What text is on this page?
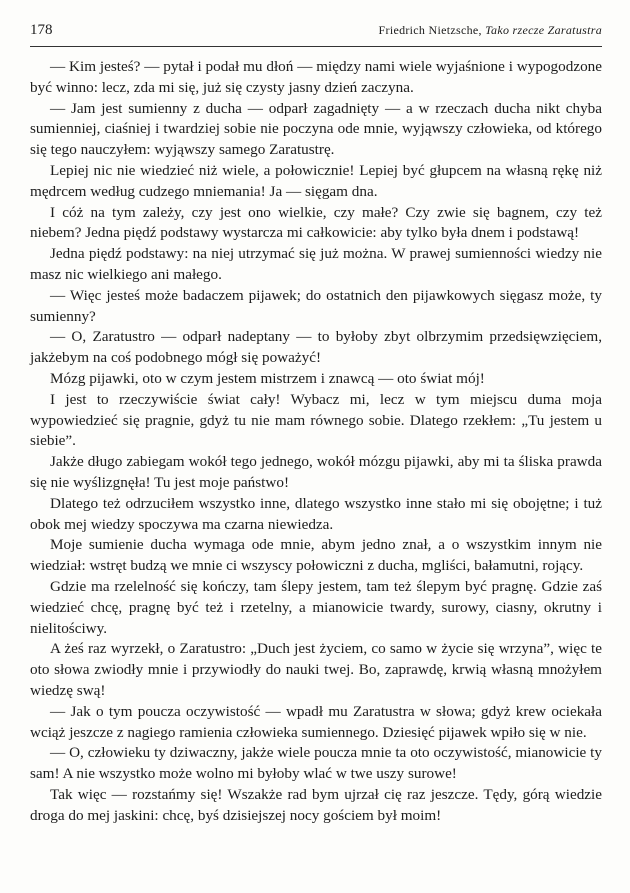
178	Friedrich Nietzsche, Tako rzecze Zaratustra

— Kim jesteś? — pytał i podał mu dłoń — między nami wiele wyjaśnione i wypogodzone być winno: lecz, zda mi się, już się czysty jasny dzień zaczyna.

— Jam jest sumienny z ducha — odparł zagadnięty — a w rzeczach ducha nikt chyba sumienniej, ciaśniej i twardziej sobie nie poczyna ode mnie, wyjąwszy człowieka, od którego się tego nauczyłem: wyjąwszy samego Zaratustrę.

Lepiej nic nie wiedzieć niż wiele, a połowicznie! Lepiej być głupcem na własną rękę niż mędrcem według cudzego mniemania! Ja — sięgam dna.

I cóż na tym zależy, czy jest ono wielkie, czy małe? Czy zwie się bagnem, czy też niebem? Jedna piędź podstawy wystarcza mi całkowicie: aby tylko była dnem i podstawą!

Jedna piędź podstawy: na niej utrzymać się już można. W prawej sumienności wiedzy nie masz nic wielkiego ani małego.

— Więc jesteś może badaczem pijawek; do ostatnich den pijawkowych sięgasz może, ty sumienny?

— O, Zaratustro — odparł nadeptany — to byłoby zbyt olbrzymim przedsięwzięciem, jakżebym na coś podobnego mógł się poważyć!

Mózg pijawki, oto w czym jestem mistrzem i znawcą — oto świat mój!

I jest to rzeczywiście świat cały! Wybacz mi, lecz w tym miejscu duma moja wypowiedzieć się pragnie, gdyż tu nie mam równego sobie. Dlatego rzekłem: „Tu jestem u siebie”.

Jakże długo zabiegam wokół tego jednego, wokół mózgu pijawki, aby mi ta śliska prawda się nie wyślizgnęła! Tu jest moje państwo!

Dlatego też odrzuciłem wszystko inne, dlatego wszystko inne stało mi się obojętne; i tuż obok mej wiedzy spoczywa ma czarna niewiedza.

Moje sumienie ducha wymaga ode mnie, abym jedno znał, a o wszystkim innym nie wiedział: wstręt budzą we mnie ci wszyscy połowiczni z ducha, mgliści, bałamutni, rojący.

Gdzie ma rzelelność się kończy, tam ślepy jestem, tam też ślepym być pragnę. Gdzie zaś wiedzieć chcę, pragnę być też i rzetelny, a mianowicie twardy, surowy, ciasny, okrutny i nielitościwy.

A żeś raz wyrzekł, o Zaratustro: „Duch jest życiem, co samo w życie się wrzyna”, więc te oto słowa zwiodły mnie i przywiodły do nauki twej. Bo, zaprawdę, krwią własną mnożyłem wiedzę swą!

— Jak o tym poucza oczywistość — wpadł mu Zaratustra w słowa; gdyż krew ociekała wciąż jeszcze z nagiego ramienia człowieka sumiennego. Dziesięć pijawek wpiło się w nie.

— O, człowieku ty dziwaczny, jakże wiele poucza mnie ta oto oczywistość, mianowicie ty sam! A nie wszystko może wolno mi byłoby wlać w twe uszy surowe!

Tak więc — rozstańmy się! Wszakże rad bym ujrzał cię raz jeszcze. Tędy, górą wiedzie droga do mej jaskini: chcę, byś dzisiejszej nocy gościem był moim!
